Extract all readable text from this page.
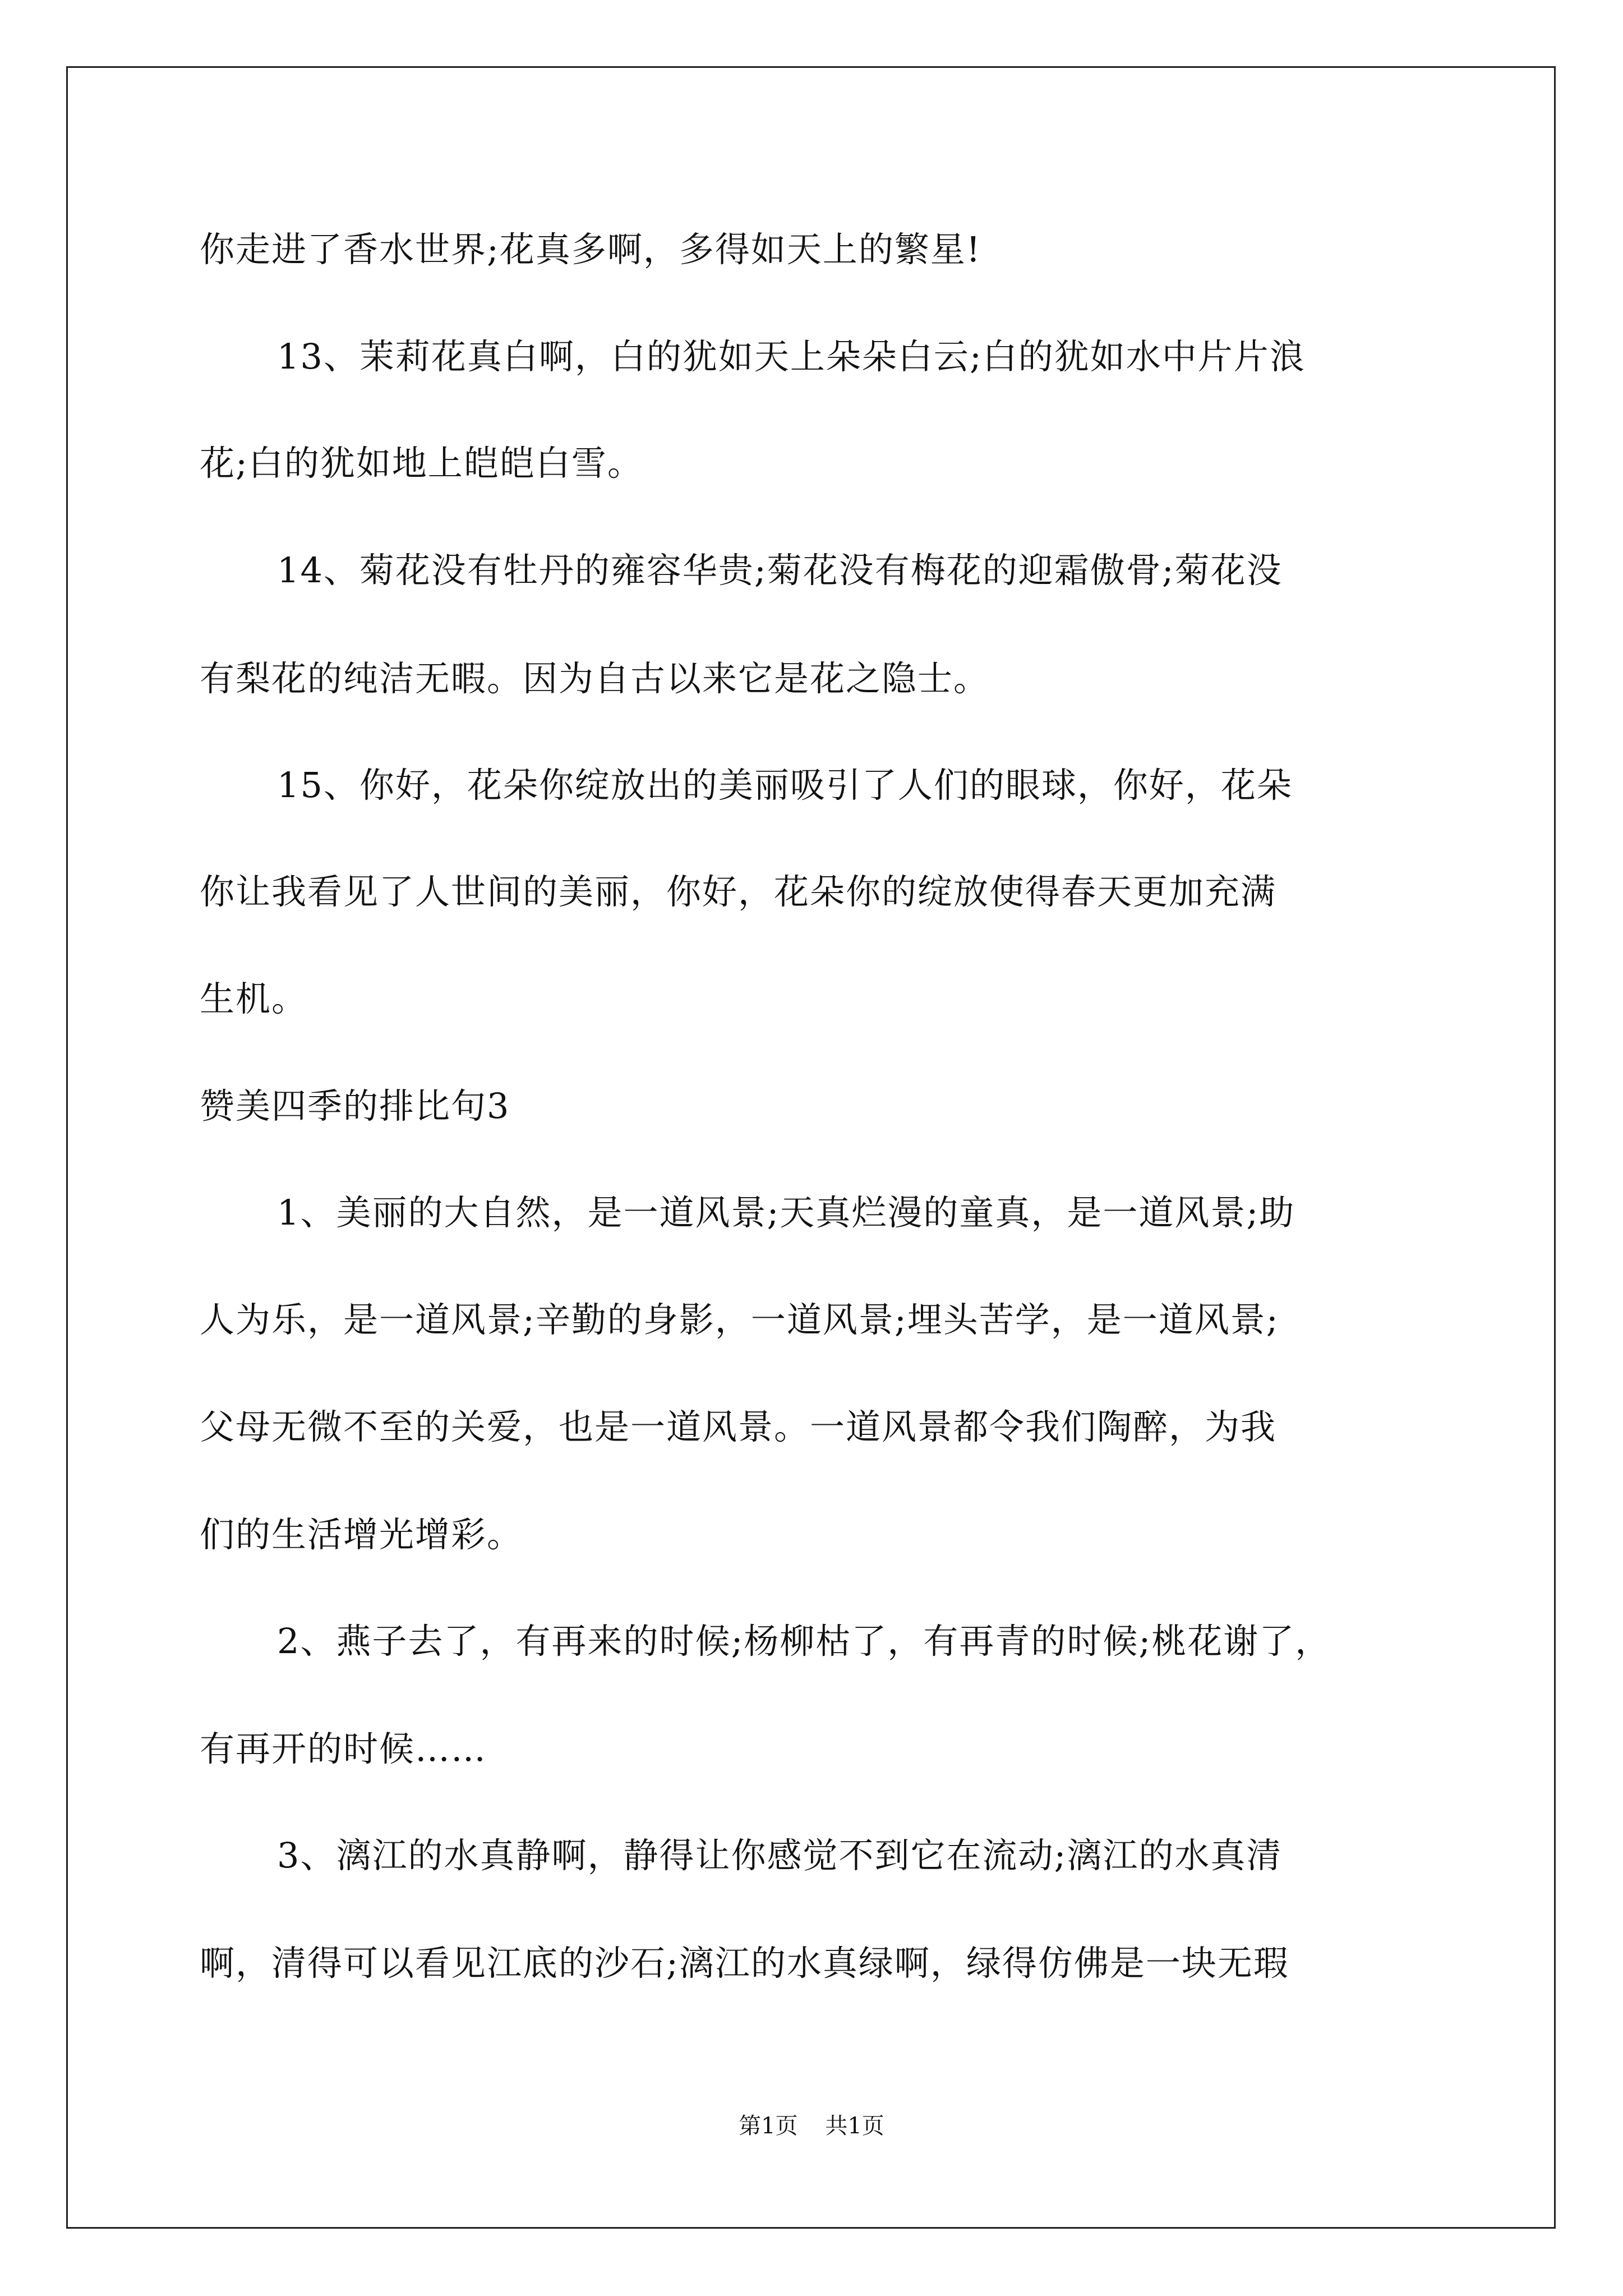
你走进了香水世界;花真多啊，多得如天上的繁星!
13、茉莉花真白啊，白的犹如天上朵朵白云;白的犹如水中片片浪
花;白的犹如地上皑皑白雪。
14、菊花没有牡丹的雍容华贵;菊花没有梅花的迎霜傲骨;菊花没
有梨花的纯洁无暇。因为自古以来它是花之隐士。
15、你好，花朵你绽放出的美丽吸引了人们的眼球，你好，花朵
你让我看见了人世间的美丽，你好，花朵你的绽放使得春天更加充满
生机。
赞美四季的排比句3
1、美丽的大自然，是一道风景;天真烂漫的童真，是一道风景;助
人为乐，是一道风景;辛勤的身影，一道风景;埋头苦学，是一道风景;
父母无微不至的关爱，也是一道风景。一道风景都令我们陶醉，为我
们的生活增光增彩。
2、燕子去了，有再来的时候;杨柳枯了，有再青的时候;桃花谢了，
有再开的时候……
3、漓江的水真静啊，静得让你感觉不到它在流动;漓江的水真清
啊，清得可以看见江底的沙石;漓江的水真绿啊，绿得仿佛是一块无瑕
第1页 共1页
